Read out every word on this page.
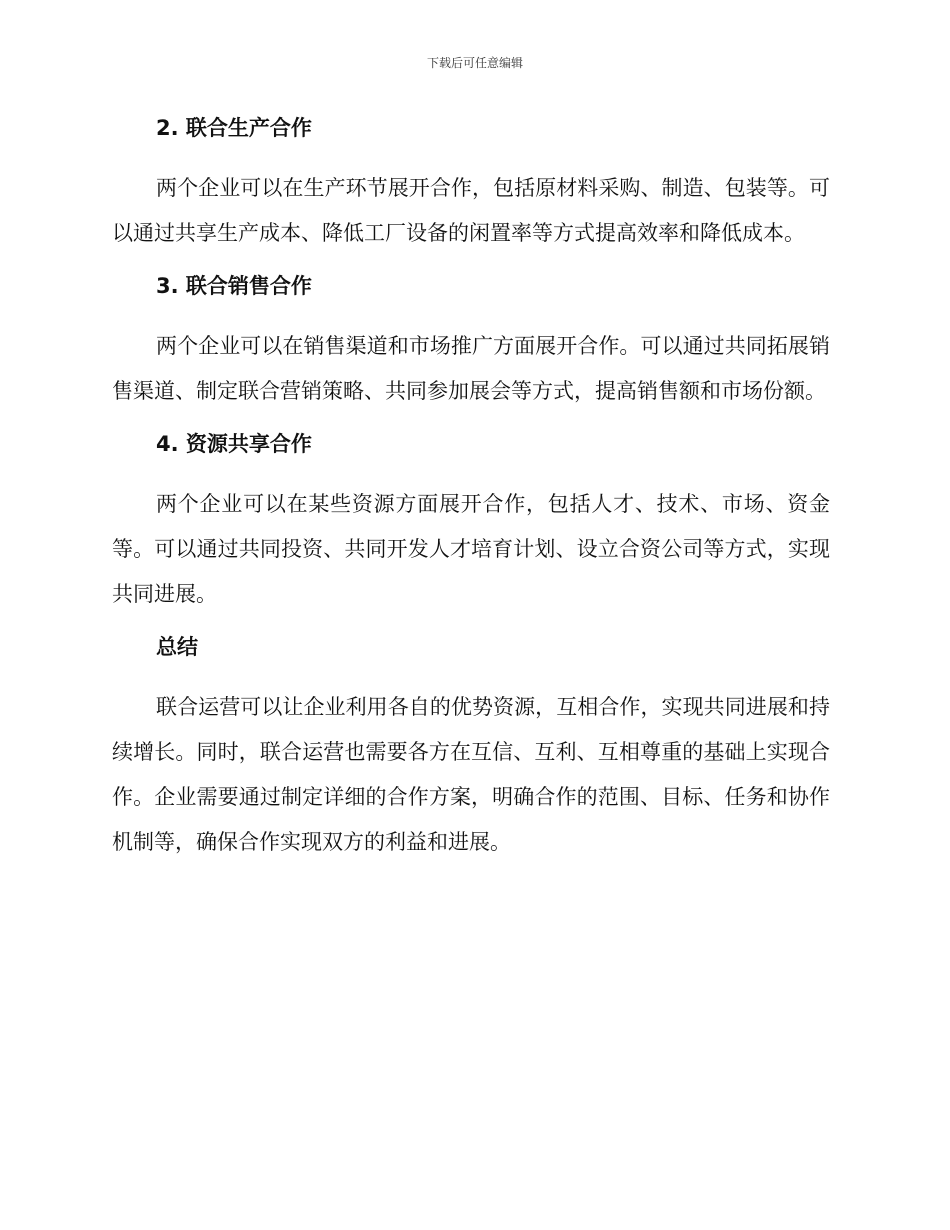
下载后可任意编辑
2. 联合生产合作

两个企业可以在生产环节展开合作，包括原材料采购、制造、包装等。可以通过共享生产成本、降低工厂设备的闲置率等方式提高效率和降低成本。

3. 联合销售合作

两个企业可以在销售渠道和市场推广方面展开合作。可以通过共同拓展销售渠道、制定联合营销策略、共同参加展会等方式，提高销售额和市场份额。

4. 资源共享合作

两个企业可以在某些资源方面展开合作，包括人才、技术、市场、资金等。可以通过共同投资、共同开发人才培育计划、设立合资公司等方式，实现共同进展。

总结

联合运营可以让企业利用各自的优势资源，互相合作，实现共同进展和持续增长。同时，联合运营也需要各方在互信、互利、互相尊重的基础上实现合作。企业需要通过制定详细的合作方案，明确合作的范围、目标、任务和协作机制等，确保合作实现双方的利益和进展。
